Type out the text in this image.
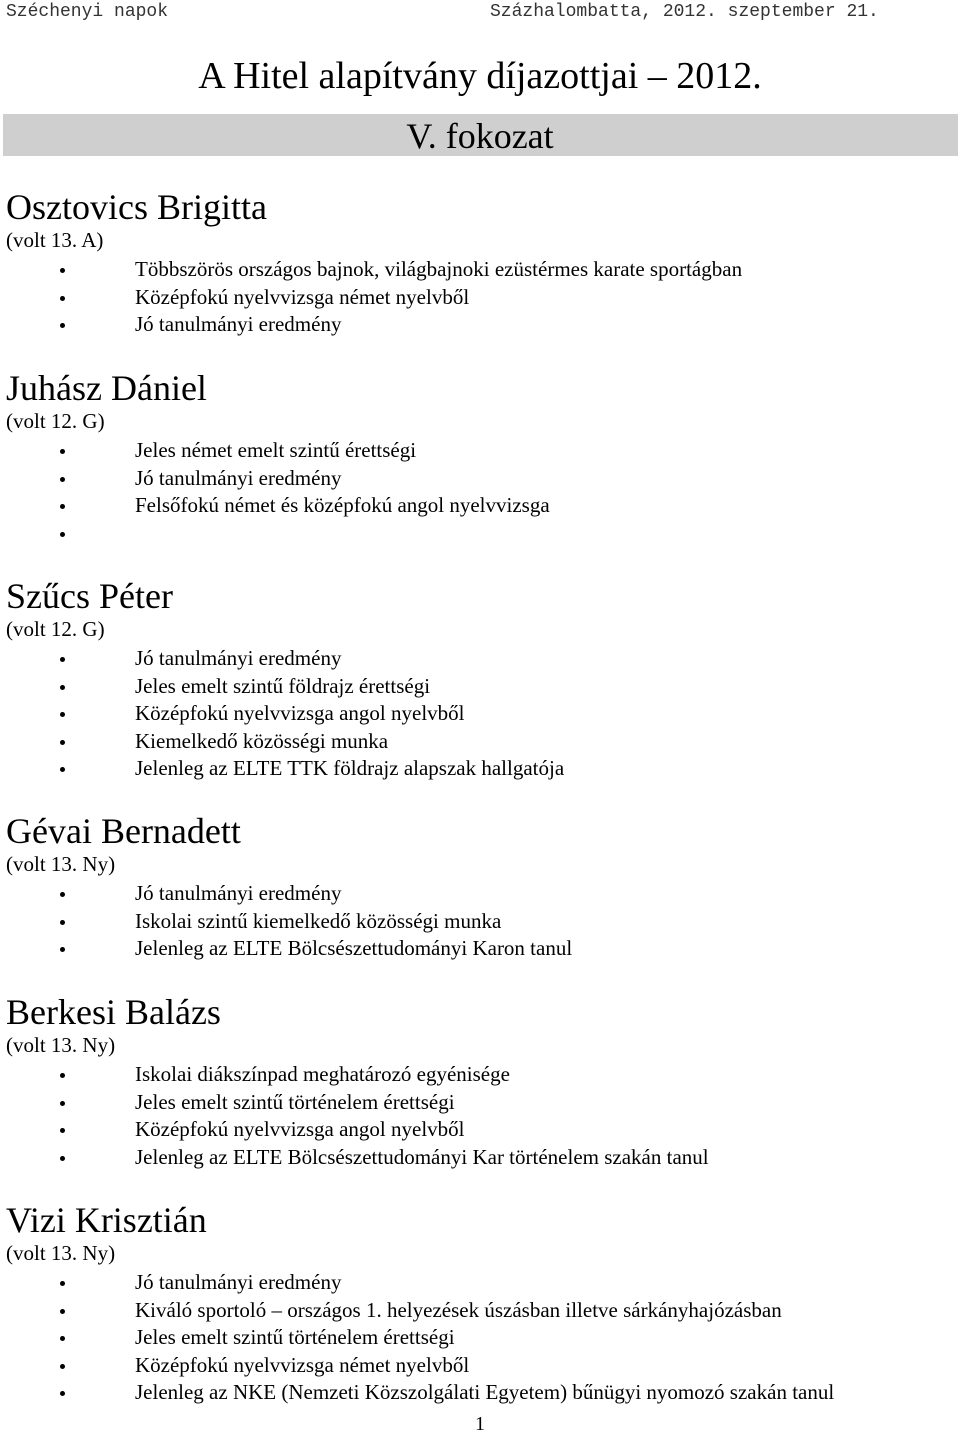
Széchenyi napok	Százhalombatta, 2012. szeptember 21.
A Hitel alapítvány díjazottjai – 2012.
V. fokozat
Osztovics Brigitta
(volt 13. A)
Többszörös országos bajnok, világbajnoki ezüstérmes karate sportágban
Középfokú nyelvvizsga német nyelvből
Jó tanulmányi eredmény
Juhász Dániel
(volt 12. G)
Jeles német emelt szintű érettségi
Jó tanulmányi eredmény
Felsőfokú német és középfokú angol nyelvvizsga
Szűcs Péter
(volt 12. G)
Jó tanulmányi eredmény
Jeles emelt szintű földrajz érettségi
Középfokú nyelvvizsga angol nyelvből
Kiemelkedő közösségi munka
Jelenleg az ELTE TTK földrajz alapszak hallgatója
Gévai Bernadett
(volt 13. Ny)
Jó tanulmányi eredmény
Iskolai szintű kiemelkedő közösségi munka
Jelenleg az ELTE Bölcsészettudományi Karon tanul
Berkesi Balázs
(volt 13. Ny)
Iskolai diákszínpad meghatározó egyénisége
Jeles emelt szintű történelem érettségi
Középfokú nyelvvizsga angol nyelvből
Jelenleg az ELTE Bölcsészettudományi Kar történelem szakán tanul
Vizi Krisztián
(volt 13. Ny)
Jó tanulmányi eredmény
Kiváló sportoló – országos 1. helyezések úszásban illetve sárkányhajózásban
Jeles emelt szintű történelem érettségi
Középfokú nyelvvizsga német nyelvből
Jelenleg az NKE (Nemzeti Közszolgálati Egyetem) bűnügyi nyomozó szakán tanul
1
